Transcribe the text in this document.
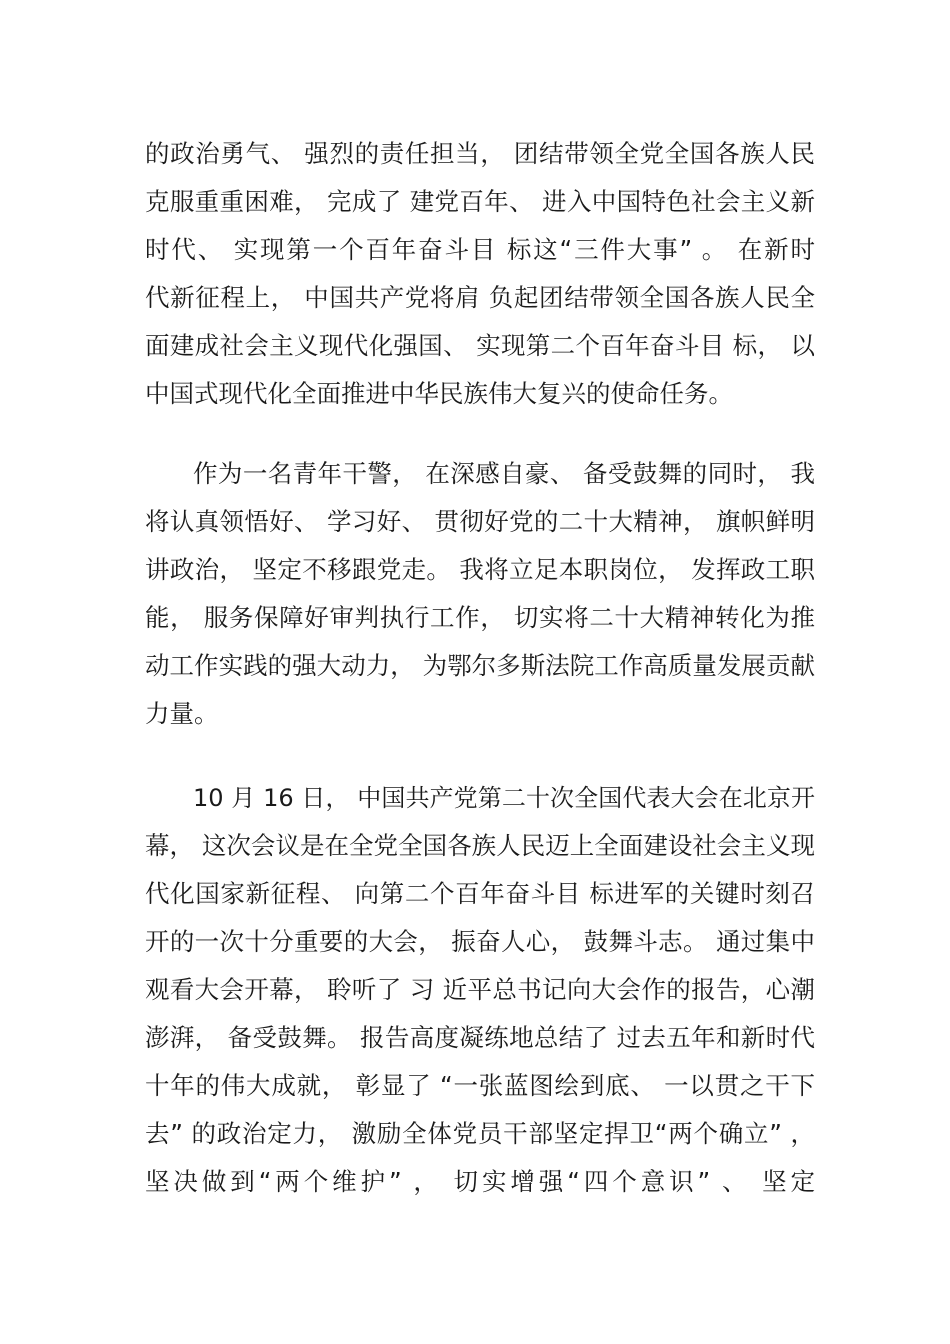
的政治勇气、 强烈的责任担当， 团结带领全党全国各族人民
克服重重困难， 完成了 建党百年、 进入中国特色社会主义新
时代、 实现第一个百年奋斗目 标这“三件大事” 。 在新时
代新征程上， 中国共产党将肩 负起团结带领全国各族人民全
面建成社会主义现代化强国、 实现第二个百年奋斗目 标， 以
中国式现代化全面推进中华民族伟大复兴的使命任务。
作为一名青年干警， 在深感自豪、 备受鼓舞的同时， 我
将认真领悟好、 学习好、 贯彻好党的二十大精神， 旗帜鲜明
讲政治， 坚定不移跟党走。 我将立足本职岗位， 发挥政工职
能， 服务保障好审判执行工作， 切实将二十大精神转化为推
动工作实践的强大动力， 为鄂尔多斯法院工作高质量发展贡献
力量。
10 月 16 日， 中国共产党第二十次全国代表大会在北京开
幕， 这次会议是在全党全国各族人民迈上全面建设社会主义现
代化国家新征程、 向第二个百年奋斗目 标进军的关键时刻召
开的一次十分重要的大会， 振奋人心， 鼓舞斗志。 通过集中
观看大会开幕， 聆听了 习 近平总书记向大会作的报告，心潮
澎湃， 备受鼓舞。 报告高度凝练地总结了 过去五年和新时代
十年的伟大成就， 彰显了 “一张蓝图绘到底、 一以贯之干下
去” 的政治定力， 激励全体党员干部坚定捍卫“两个确立” ，
坚决做到“两个维护” ， 切实增强“四个意识” 、 坚定
